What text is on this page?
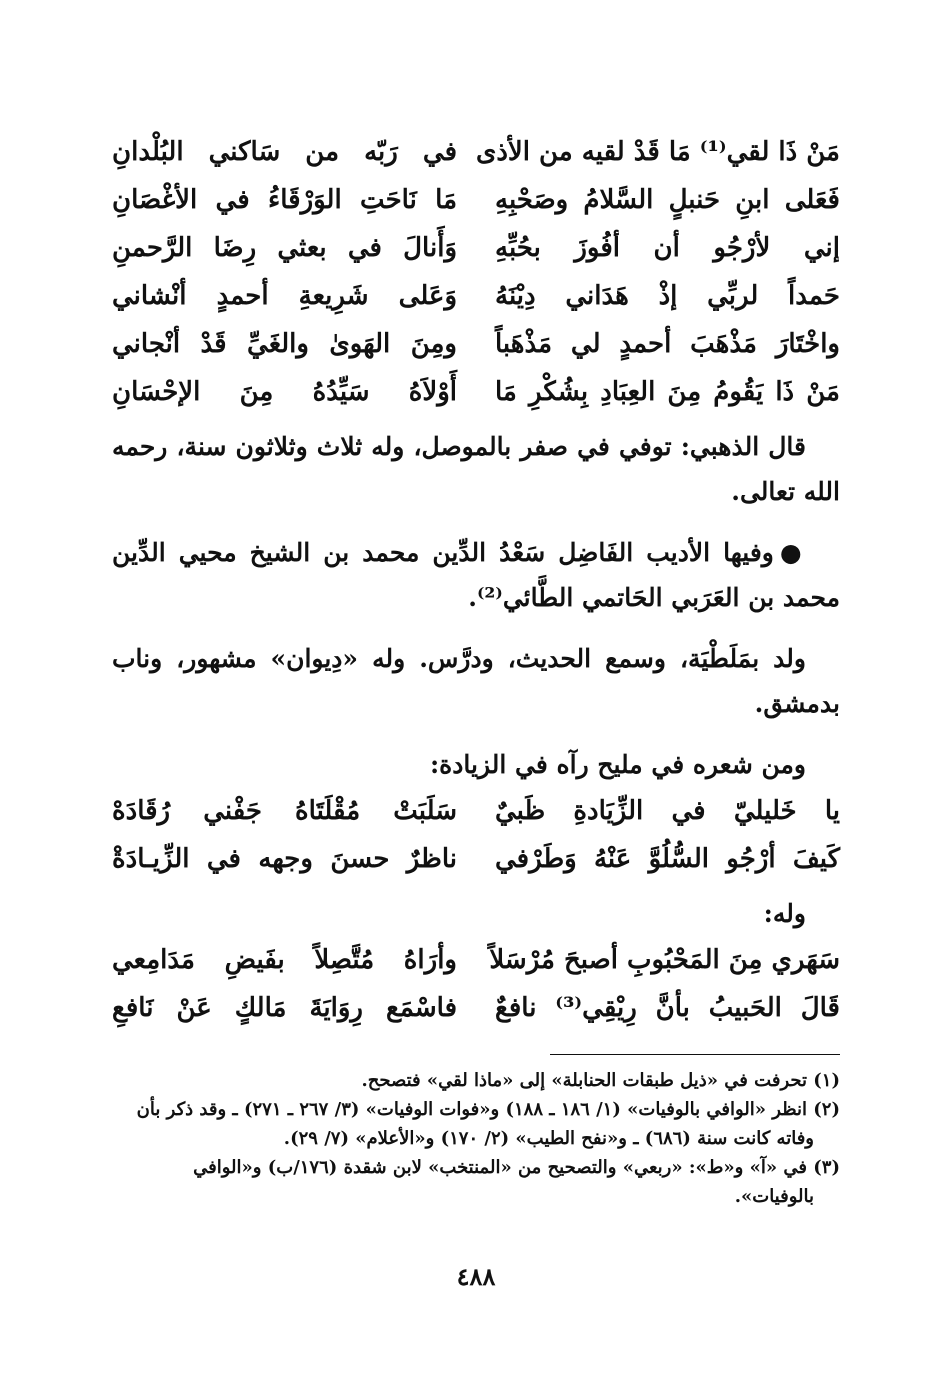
مَنْ ذَا لقي⁽¹⁾ مَا قَدْ لقيه من الأذى
في رَبّه من سَاكني البُلْدانِ
فَعَلى ابنِ حَنبلٍ السَّلامُ وصَحْبِهِ
مَا نَاحَتِ الوَرْقَاءُ في الأغْصَانِ
إني لأرْجُو أن أفُوزَ بحُبِّهِ
وَأَنالَ في بعثي رِضَا الرَّحمنِ
حَمداً لربِّي إذْ هَدَاني دِيْنَهُ
وَعَلى شَرِيعةِ أحمدٍ أنْشاني
واخْتَارَ مَذْهَبَ أحمدٍ لي مَذْهَباً
ومِنَ الهَوىٰ والغَيِّ قَدْ أنْجاني
مَنْ ذَا يَقُومُ مِنَ العِبَادِ بِشُكْرِ مَا
أَوْلاَهُ سَيِّدُهُ مِنَ الإحْسَانِ

قال الذهبي: توفي في صفر بالموصل، وله ثلاث وثلاثون سنة، رحمه الله تعالى.

●وفيها الأديب الفَاضِل سَعْدُ الدِّين محمد بن الشيخ محيي الدِّين محمد بن العَرَبي الحَاتمي الطَّائي⁽²⁾.

ولد بمَلَطْيَة، وسمع الحديث، ودرَّس. وله «دِيوان» مشهور، وناب بدمشق.

ومن شعره في مليح رآه في الزيادة:

يا خَليليّ في الزِّيَادةِ ظَبيٌ
سَلَبَتْ مُقْلَتَاهُ جَفْني رُقَادَهْ
كَيفَ أرْجُو السُّلُوَّ عَنْهُ وَطَرْفي
ناظرٌ حسنَ وجهه في الزِّيـادَةْ

وله:

سَهَري مِنَ المَحْبُوبِ أصبحَ مُرْسَلاً
وأرَاهُ مُتَّصِلاً بفَيضِ مَدَامِعي
قَالَ الحَبيبُ بأنَّ رِيْقِي⁽³⁾ نافعٌ
فاسْمَع رِوَايَةَ مَالكٍ عَنْ نَافعِ

(١) تحرفت في «ذيل طبقات الحنابلة» إلى «ماذا لقي» فتصحح.

(٢) انظر «الوافي بالوفيات» (١/ ١٨٦ ـ ١٨٨) و«فوات الوفيات» (٣/ ٢٦٧ ـ ٢٧١) ـ وقد ذكر بأن
وفاته كانت سنة (٦٨٦) ـ و«نفح الطيب» (٢/ ١٧٠) و«الأعلام» (٧/ ٢٩).

(٣) في «آ» و«ط»: «ربعي» والتصحيح من «المنتخب» لابن شقدة (١٧٦/ب) و«الوافي
بالوفيات».

٤٨٨
